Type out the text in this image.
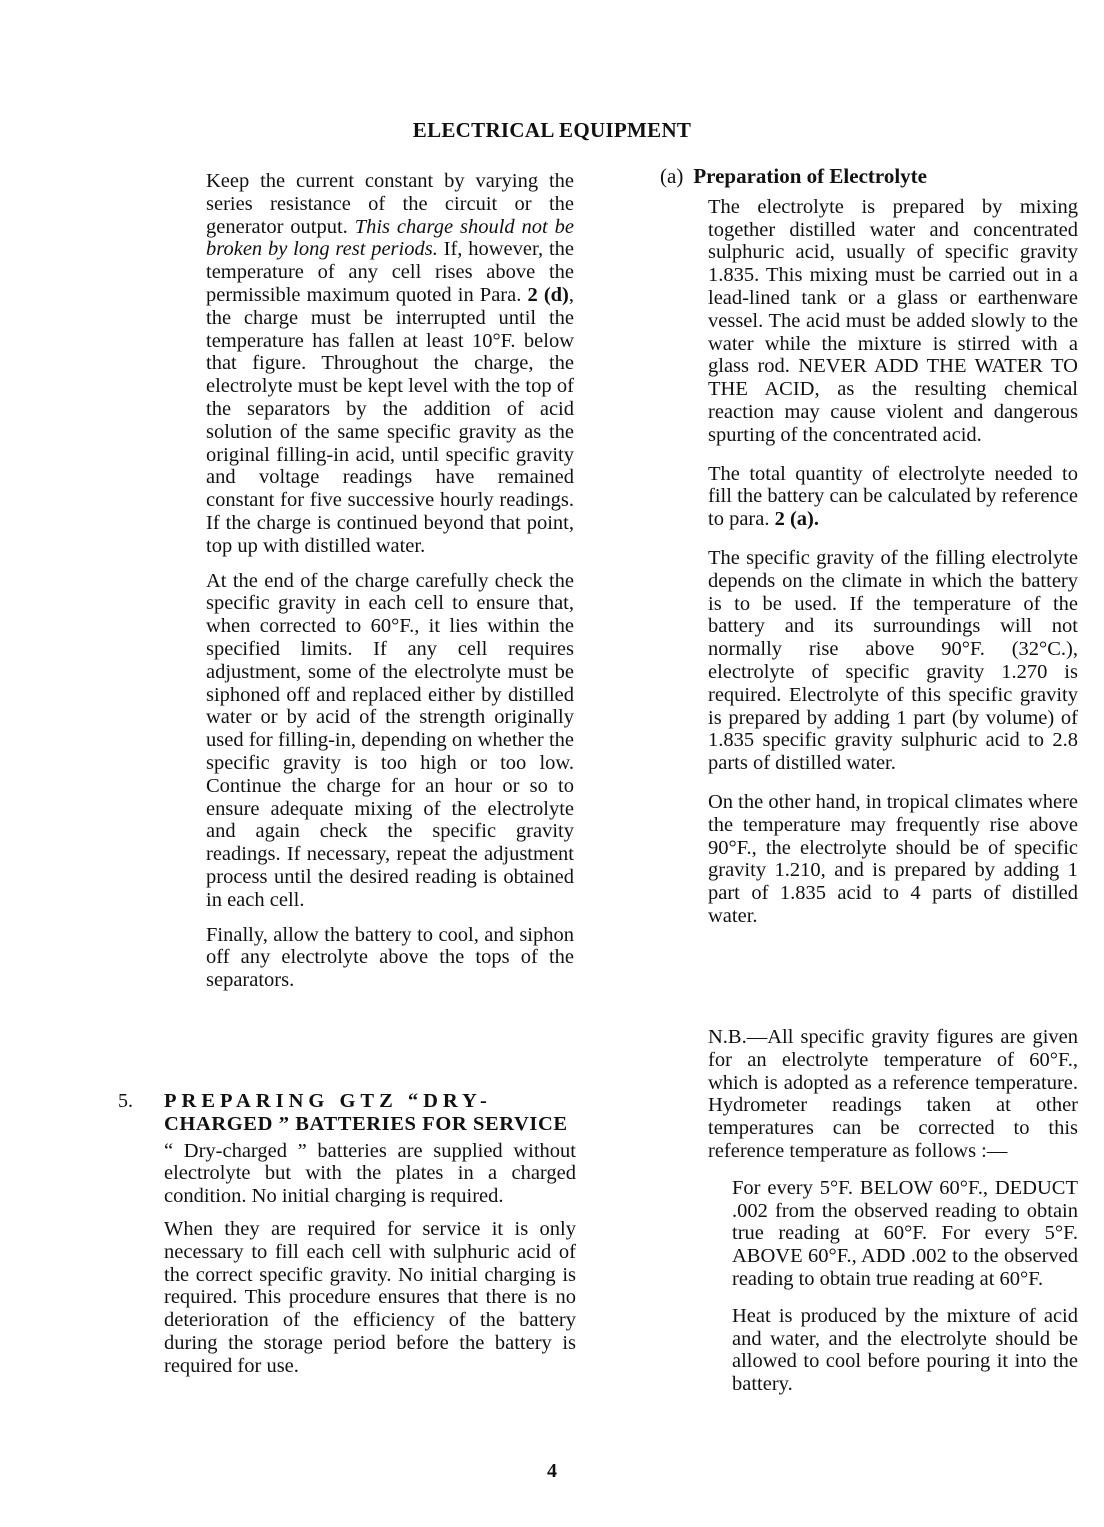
ELECTRICAL EQUIPMENT

Keep the current constant by varying the series resistance of the circuit or the generator output. This charge should not be broken by long rest periods. If, however, the temperature of any cell rises above the permissible maximum quoted in Para. 2 (d), the charge must be interrupted until the temperature has fallen at least 10°F. below that figure. Throughout the charge, the electrolyte must be kept level with the top of the separators by the addition of acid solution of the same specific gravity as the original filling-in acid, until specific gravity and voltage readings have remained constant for five successive hourly readings. If the charge is continued beyond that point, top up with distilled water.

At the end of the charge carefully check the specific gravity in each cell to ensure that, when corrected to 60°F., it lies within the specified limits. If any cell requires adjustment, some of the electrolyte must be siphoned off and replaced either by distilled water or by acid of the strength originally used for filling-in, depending on whether the specific gravity is too high or too low. Continue the charge for an hour or so to ensure adequate mixing of the electrolyte and again check the specific gravity readings. If necessary, repeat the adjustment process until the desired reading is obtained in each cell.

Finally, allow the battery to cool, and siphon off any electrolyte above the tops of the separators.

5. PREPARING GTZ “DRY-
CHARGED ” BATTERIES FOR SERVICE

“ Dry-charged ” batteries are supplied without electrolyte but with the plates in a charged condition. No initial charging is required.

When they are required for service it is only necessary to fill each cell with sulphuric acid of the correct specific gravity. No initial charging is required. This procedure ensures that there is no deterioration of the efficiency of the battery during the storage period before the battery is required for use.

(a) Preparation of Electrolyte

The electrolyte is prepared by mixing together distilled water and concentrated sulphuric acid, usually of specific gravity 1.835. This mixing must be carried out in a lead-lined tank or a glass or earthenware vessel. The acid must be added slowly to the water while the mixture is stirred with a glass rod. NEVER ADD THE WATER TO THE ACID, as the resulting chemical reaction may cause violent and dangerous spurting of the concentrated acid.

The total quantity of electrolyte needed to fill the battery can be calculated by reference to para. 2 (a).

The specific gravity of the filling electrolyte depends on the climate in which the battery is to be used. If the temperature of the battery and its surroundings will not normally rise above 90°F. (32°C.), electrolyte of specific gravity 1.270 is required. Electrolyte of this specific gravity is prepared by adding 1 part (by volume) of 1.835 specific gravity sulphuric acid to 2.8 parts of distilled water.

On the other hand, in tropical climates where the temperature may frequently rise above 90°F., the electrolyte should be of specific gravity 1.210, and is prepared by adding 1 part of 1.835 acid to 4 parts of distilled water.

N.B.—All specific gravity figures are given for an electrolyte temperature of 60°F., which is adopted as a reference temperature. Hydrometer readings taken at other temperatures can be corrected to this reference temperature as follows :—

For every 5°F. BELOW 60°F., DEDUCT .002 from the observed reading to obtain true reading at 60°F. For every 5°F. ABOVE 60°F., ADD .002 to the observed reading to obtain true reading at 60°F.

Heat is produced by the mixture of acid and water, and the electrolyte should be allowed to cool before pouring it into the battery.

4
